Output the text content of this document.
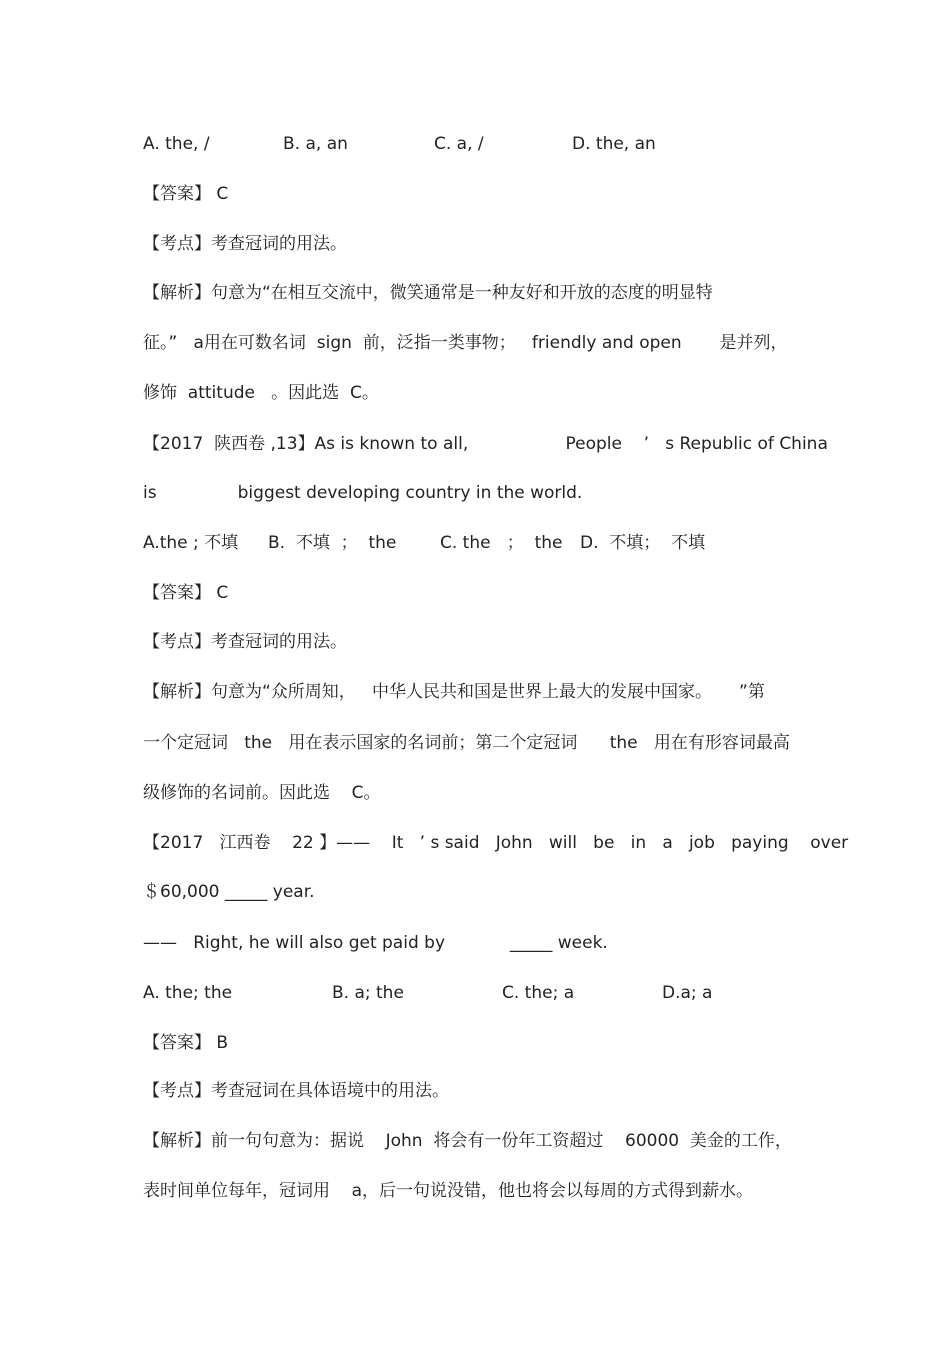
A. the, /	B. a, an	C. a, /	D. the, an
【答案】 C
【考点】考查冠词的用法。
【解析】句意为“在相互交流中，微笑通常是一种友好和开放的态度的明显特
征。”   a用在可数名词  sign  前，泛指一类事物；   friendly and open       是并列，
修饰  attitude   。因此选  C。
【2017  陕西卷 ,13】As is known to all,                  People    ’   s Republic of China
is               biggest developing country in the world.
A.the ; 不填 B.  不填  ；  the	C. the   ；  the D.  不填；  不填
【答案】 C
【考点】考查冠词的用法。
【解析】句意为“众所周知，   中华人民共和国是世界上最大的发展中国家。     ”第
一个定冠词   the   用在表示国家的名词前；第二个定冠词      the   用在有形容词最高
级修饰的名词前。因此选    C。
【2017   江西卷    22 】——    It   ’ s said   John   will   be   in   a   job   paying    over
＄60,000 _____ year.
——   Right, he will also get paid by            _____ week.
A. the; the	B. a; the	C. the; a	D.a; a
【答案】 B
【考点】考查冠词在具体语境中的用法。
【解析】前一句句意为：据说    John  将会有一份年工资超过    60000  美金的工作，
表时间单位每年，冠词用    a，后一句说没错，他也将会以每周的方式得到薪水。
